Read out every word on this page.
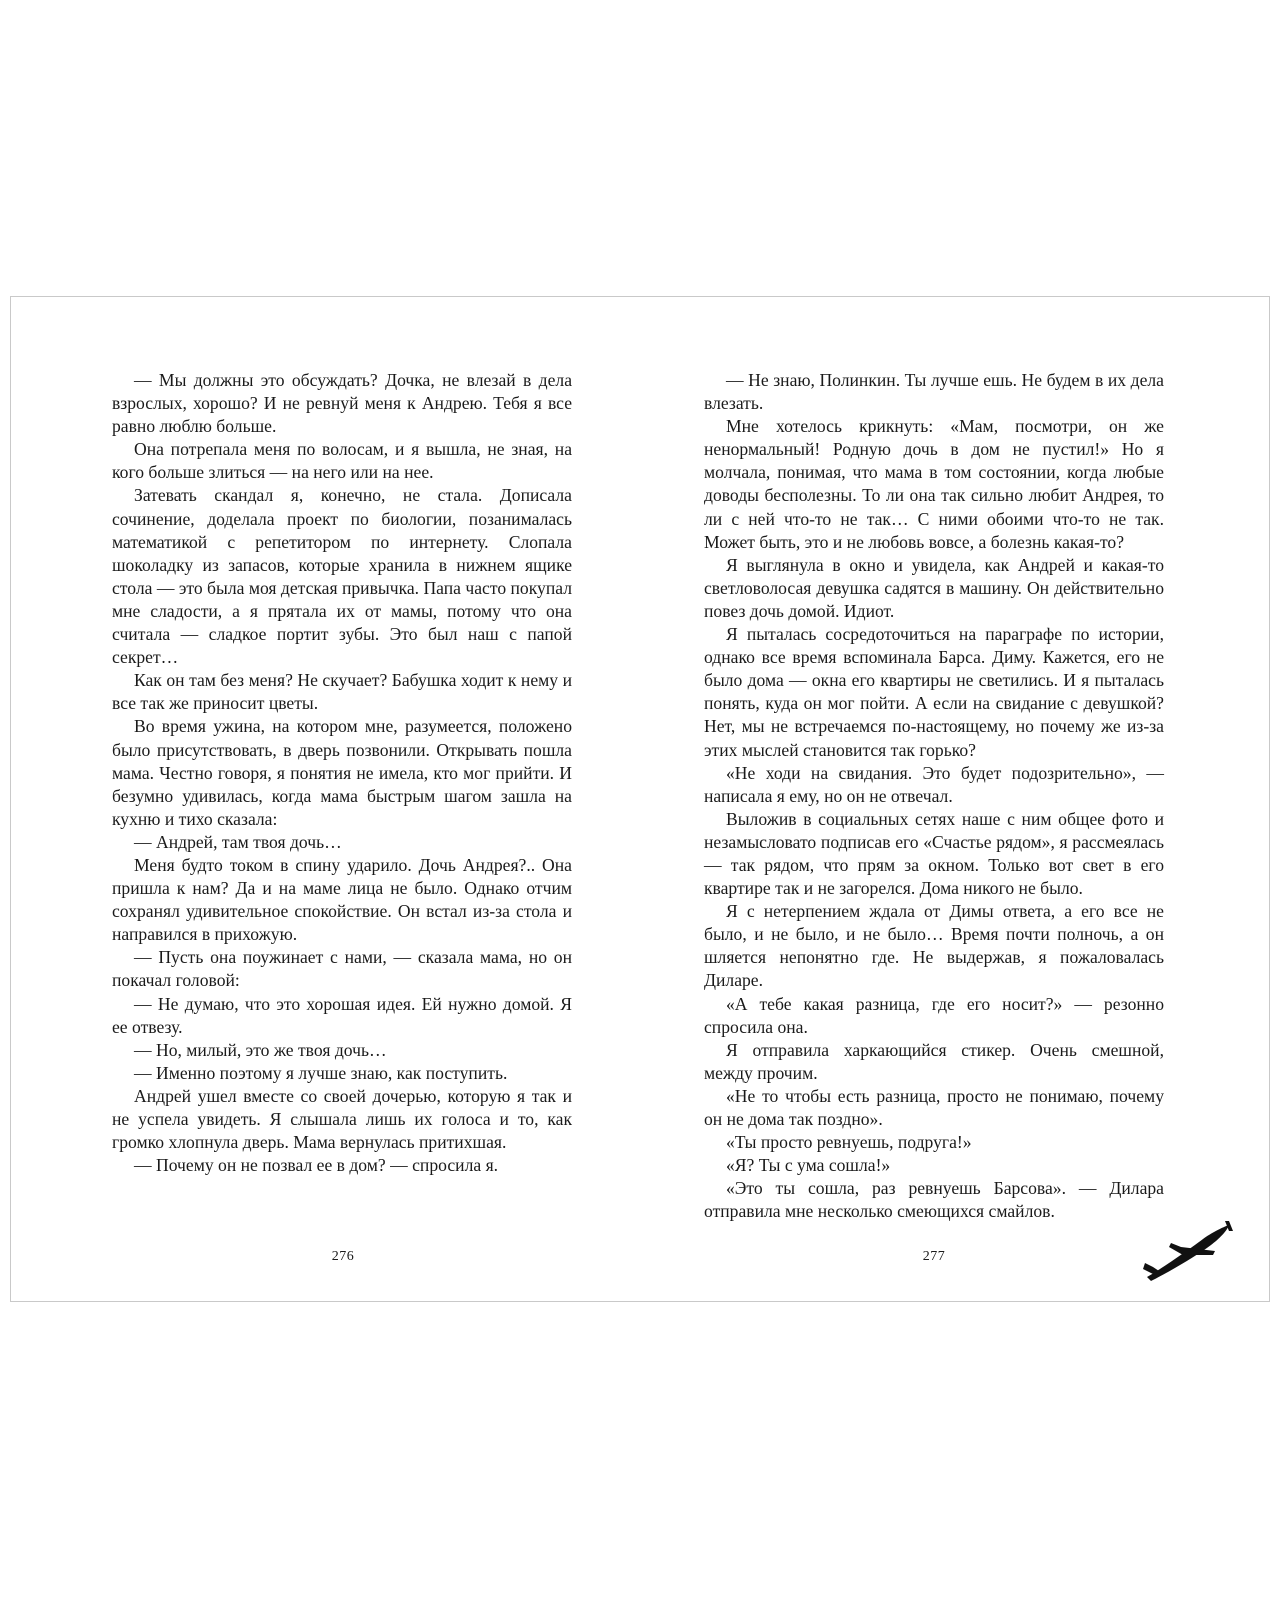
— Мы должны это обсуждать? Дочка, не влезай в дела взрослых, хорошо? И не ревнуй меня к Андрею. Тебя я все равно люблю больше.

Она потрепала меня по волосам, и я вышла, не зная, на кого больше злиться — на него или на нее.

Затевать скандал я, конечно, не стала. Дописала сочинение, доделала проект по биологии, позанималась математикой с репетитором по интернету. Слопала шоколадку из запасов, которые хранила в нижнем ящике стола — это была моя детская привычка. Папа часто покупал мне сладости, а я прятала их от мамы, потому что она считала — сладкое портит зубы. Это был наш с папой секрет…

Как он там без меня? Не скучает? Бабушка ходит к нему и все так же приносит цветы.

Во время ужина, на котором мне, разумеется, положено было присутствовать, в дверь позвонили. Открывать пошла мама. Честно говоря, я понятия не имела, кто мог прийти. И безумно удивилась, когда мама быстрым шагом зашла на кухню и тихо сказала:

— Андрей, там твоя дочь…

Меня будто током в спину ударило. Дочь Андрея?.. Она пришла к нам? Да и на маме лица не было. Однако отчим сохранял удивительное спокойствие. Он встал из-за стола и направился в прихожую.

— Пусть она поужинает с нами, — сказала мама, но он покачал головой:

— Не думаю, что это хорошая идея. Ей нужно домой. Я ее отвезу.

— Но, милый, это же твоя дочь…

— Именно поэтому я лучше знаю, как поступить.

Андрей ушел вместе со своей дочерью, которую я так и не успела увидеть. Я слышала лишь их голоса и то, как громко хлопнула дверь. Мама вернулась притихшая.

— Почему он не позвал ее в дом? — спросила я.

— Не знаю, Полинкин. Ты лучше ешь. Не будем в их дела влезать.

Мне хотелось крикнуть: «Мам, посмотри, он же ненормальный! Родную дочь в дом не пустил!» Но я молчала, понимая, что мама в том состоянии, когда любые доводы бесполезны. То ли она так сильно любит Андрея, то ли с ней что-то не так… С ними обоими что-то не так. Может быть, это и не любовь вовсе, а болезнь какая-то?

Я выглянула в окно и увидела, как Андрей и какая-то светловолосая девушка садятся в машину. Он действительно повез дочь домой. Идиот.

Я пыталась сосредоточиться на параграфе по истории, однако все время вспоминала Барса. Диму. Кажется, его не было дома — окна его квартиры не светились. И я пыталась понять, куда он мог пойти. А если на свидание с девушкой? Нет, мы не встречаемся по-настоящему, но почему же из-за этих мыслей становится так горько?

«Не ходи на свидания. Это будет подозрительно», — написала я ему, но он не отвечал.

Выложив в социальных сетях наше с ним общее фото и незамысловато подписав его «Счастье рядом», я рассмеялась — так рядом, что прям за окном. Только вот свет в его квартире так и не загорелся. Дома никого не было.

Я с нетерпением ждала от Димы ответа, а его все не было, и не было, и не было… Время почти полночь, а он шляется непонятно где. Не выдержав, я пожаловалась Диларе.

«А тебе какая разница, где его носит?» — резонно спросила она.

Я отправила харкающийся стикер. Очень смешной, между прочим.

«Не то чтобы есть разница, просто не понимаю, почему он не дома так поздно».

«Ты просто ревнуешь, подруга!»

«Я? Ты с ума сошла!»

«Это ты сошла, раз ревнуешь Барсова». — Дилара отправила мне несколько смеющихся смайлов.

276	277
